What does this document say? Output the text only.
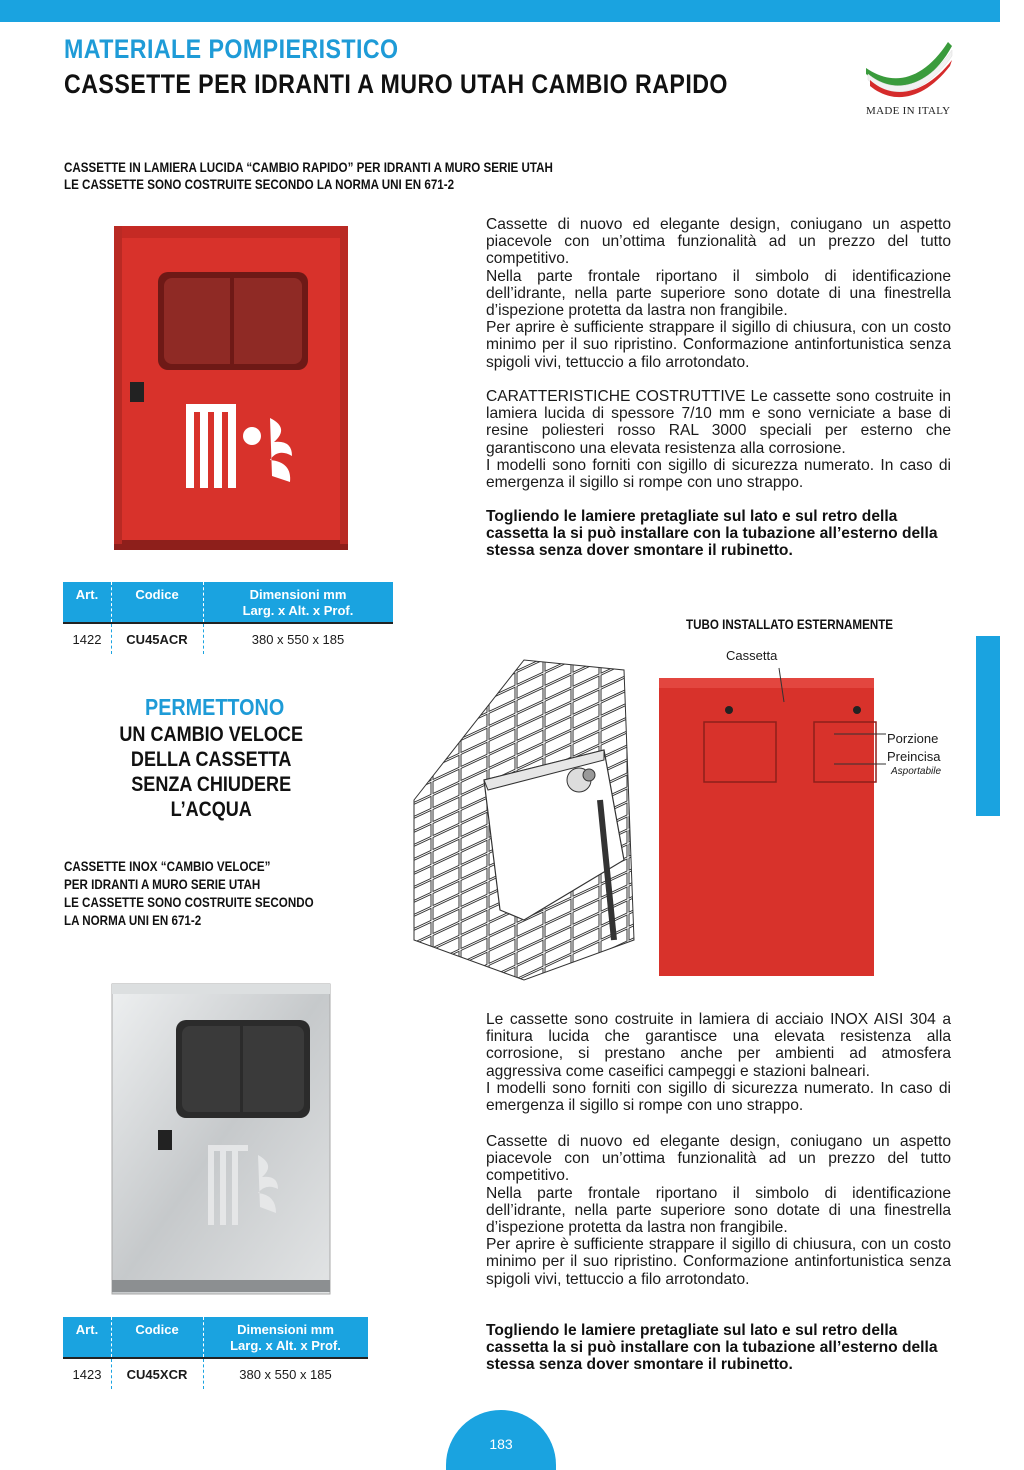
MATERIALE POMPIERISTICO
CASSETTE PER IDRANTI A MURO UTAH CAMBIO RAPIDO
MADE IN ITALY
CASSETTE IN LAMIERA LUCIDA “CAMBIO RAPIDO” PER IDRANTI A MURO SERIE UTAH
LE CASSETTE SONO COSTRUITE SECONDO LA NORMA UNI EN 671-2

Cassette di nuovo ed elegante design, coniugano un aspetto piacevole con un’ottima funzionalità ad un prezzo del tutto competitivo.

Nella parte frontale riportano il simbolo di identificazione dell’idrante, nella parte superiore sono dotate di una finestrella d’ispezione protetta da lastra non frangibile.

Per aprire è sufficiente strappare il sigillo di chiusura, con un costo minimo per il suo ripristino. Conformazione antinfortunistica senza spigoli vivi, tettuccio a filo arrotondato.

CARATTERISTICHE COSTRUTTIVE Le cassette sono costruite in lamiera lucida di spessore 7/10 mm e sono verniciate a base di resine poliesteri rosso RAL 3000 speciali per esterno che garantiscono una elevata resistenza alla corrosione.

I modelli sono forniti con sigillo di sicurezza numerato. In caso di emergenza il sigillo si rompe con uno strappo.

Togliendo le lamiere pretagliate sul lato e sul retro della cassetta la si può installare con la tubazione all’esterno della stessa senza dover smontare il rubinetto.
Art.	Codice	Dimensioni mm
Larg. x Alt. x Prof.
1422	CU45ACR	380 x 550 x 185
PERMETTONO
UN CAMBIO VELOCE
DELLA CASSETTA
SENZA CHIUDERE
L’ACQUA
CASSETTE INOX “CAMBIO VELOCE”
PER IDRANTI A MURO SERIE UTAH
LE CASSETTE SONO COSTRUITE SECONDO
LA NORMA UNI EN 671-2
TUBO INSTALLATO ESTERNAMENTE
Cassetta
Porzione
Preincisa
Asportabile

Le cassette sono costruite in lamiera di acciaio INOX AISI 304 a finitura lucida che garantisce una elevata resistenza alla corrosione, si prestano anche per ambienti ad atmosfera aggressiva come caseifici campeggi e stazioni balneari.

I modelli sono forniti con sigillo di sicurezza numerato. In caso di emergenza il sigillo si rompe con uno strappo.

Cassette di nuovo ed elegante design, coniugano un aspetto piacevole con un’ottima funzionalità ad un prezzo del tutto competitivo.

Nella parte frontale riportano il simbolo di identificazione dell’idrante, nella parte superiore sono dotate di una finestrella d’ispezione protetta da lastra non frangibile.

Per aprire è sufficiente strappare il sigillo di chiusura, con un costo minimo per il suo ripristino. Conformazione antinfortunistica senza spigoli vivi, tettuccio a filo arrotondato.

Togliendo le lamiere pretagliate sul lato e sul retro della cassetta la si può installare con la tubazione all’esterno della stessa senza dover smontare il rubinetto.
Art.	Codice	Dimensioni mm
Larg. x Alt. x Prof.
1423	CU45XCR	380 x 550 x 185
183
